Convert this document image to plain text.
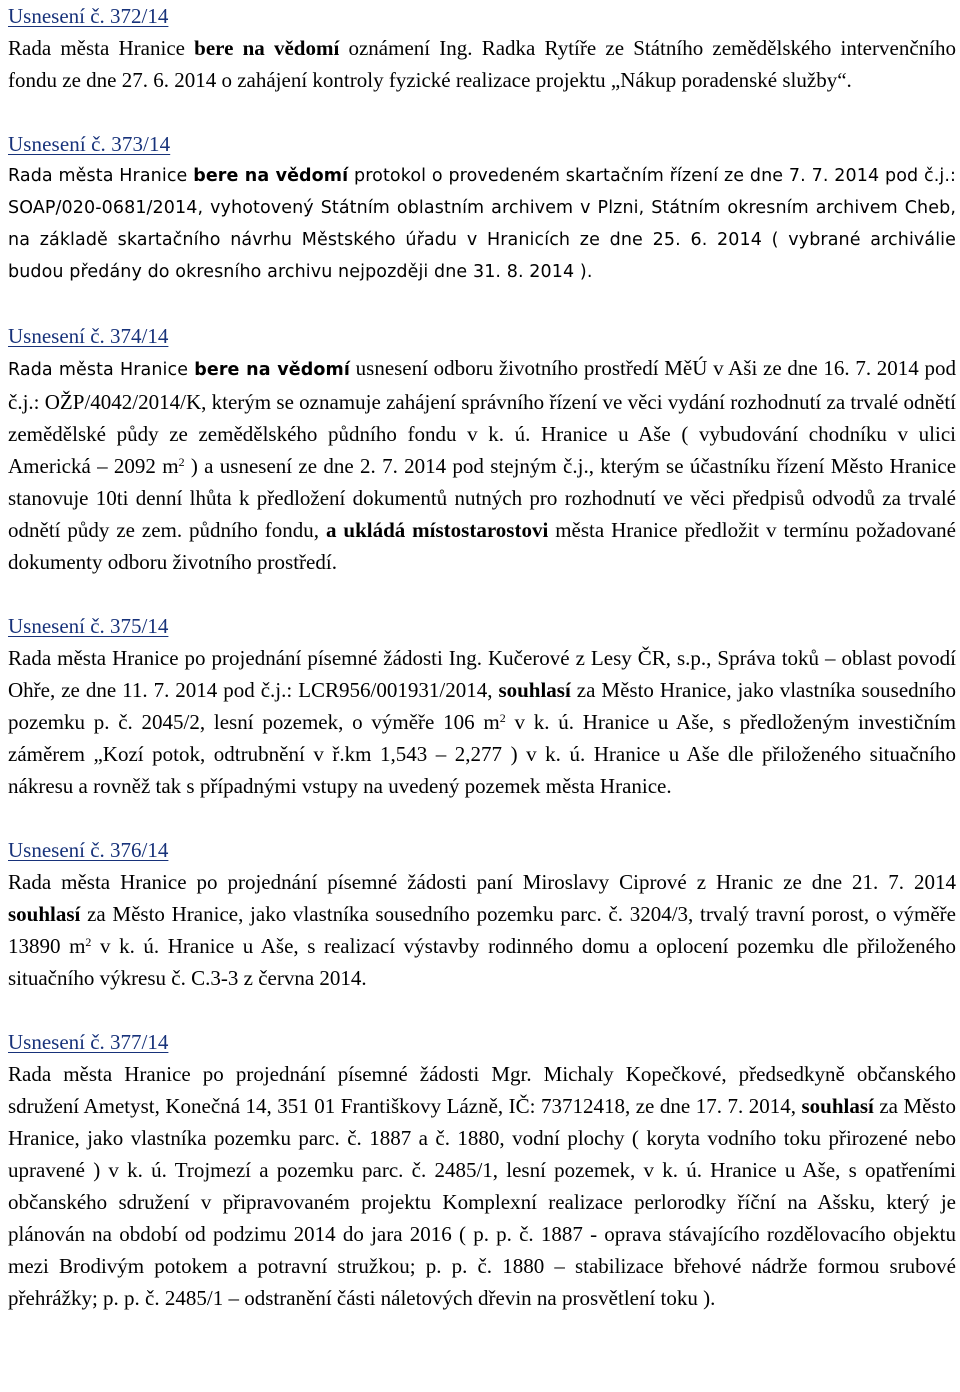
Usnesení č. 372/14

Rada města Hranice bere na vědomí oznámení Ing. Radka Rytíře ze Státního zemědělského intervenčního fondu ze dne 27. 6. 2014 o zahájení kontroly fyzické realizace projektu „Nákup poradenské služby“.

Usnesení č. 373/14

Rada města Hranice bere na vědomí protokol o provedeném skartačním řízení ze dne 7. 7. 2014 pod č.j.: SOAP/020-0681/2014, vyhotovený Státním oblastním archivem v Plzni, Státním okresním archivem Cheb, na základě skartačního návrhu Městského úřadu v Hranicích ze dne 25. 6. 2014 ( vybrané archiválie budou předány do okresního archivu nejpozději dne 31. 8. 2014 ).

Usnesení č. 374/14

Rada města Hranice bere na vědomí usnesení odboru životního prostředí MěÚ v Aši ze dne 16. 7. 2014 pod č.j.: OŽP/4042/2014/K, kterým se oznamuje zahájení správního řízení ve věci vydání rozhodnutí za trvalé odnětí zemědělské půdy ze zemědělského půdního fondu v k. ú. Hranice u Aše ( vybudování chodníku v ulici Americká – 2092 $m^2$ ) a usnesení ze dne 2. 7. 2014 pod stejným č.j., kterým se účastníku řízení Město Hranice stanovuje 10ti denní lhůta k předložení dokumentů nutných pro rozhodnutí ve věci předpisů odvodů za trvalé odnětí půdy ze zem. půdního fondu, a ukládá místostarostovi města Hranice předložit v termínu požadované dokumenty odboru životního prostředí.

Usnesení č. 375/14

Rada města Hranice po projednání písemné žádosti Ing. Kučerové z Lesy ČR, s.p., Správa toků – oblast povodí Ohře, ze dne 11. 7. 2014 pod č.j.: LCR956/001931/2014, souhlasí za Město Hranice, jako vlastníka sousedního pozemku p. č. 2045/2, lesní pozemek, o výměře 106 $m^2$ v k. ú. Hranice u Aše, s předloženým investičním záměrem „Kozí potok, odtrubnění v ř.km 1,543 – 2,277 ) v k. ú. Hranice u Aše dle přiloženého situačního nákresu a rovněž tak s případnými vstupy na uvedený pozemek města Hranice.

Usnesení č. 376/14

Rada města Hranice po projednání písemné žádosti paní Miroslavy Ciprové z Hranic ze dne 21. 7. 2014 souhlasí za Město Hranice, jako vlastníka sousedního pozemku parc. č. 3204/3, trvalý travní porost, o výměře 13890 $m^2$ v k. ú. Hranice u Aše, s realizací výstavby rodinného domu a oplocení pozemku dle přiloženého situačního výkresu č. C.3-3 z června 2014.

Usnesení č. 377/14

Rada města Hranice po projednání písemné žádosti Mgr. Michaly Kopečkové, předsedkyně občanského sdružení Ametyst, Konečná 14, 351 01 Františkovy Lázně, IČ: 73712418, ze dne 17. 7. 2014, souhlasí za Město Hranice, jako vlastníka pozemku parc. č. 1887 a č. 1880, vodní plochy ( koryta vodního toku přirozené nebo upravené ) v k. ú. Trojmezí a pozemku parc. č. 2485/1, lesní pozemek, v k. ú. Hranice u Aše, s opatřeními občanského sdružení v připravovaném projektu Komplexní realizace perlorodky říční na Ašsku, který je plánován na období od podzimu 2014 do jara 2016 ( p. p. č. 1887 - oprava stávajícího rozdělovacího objektu mezi Brodivým potokem a potravní stružkou; p. p. č. 1880 – stabilizace břehové nádrže formou srubové přehrážky; p. p. č. 2485/1 – odstranění části náletových dřevin na prosvětlení toku ).
